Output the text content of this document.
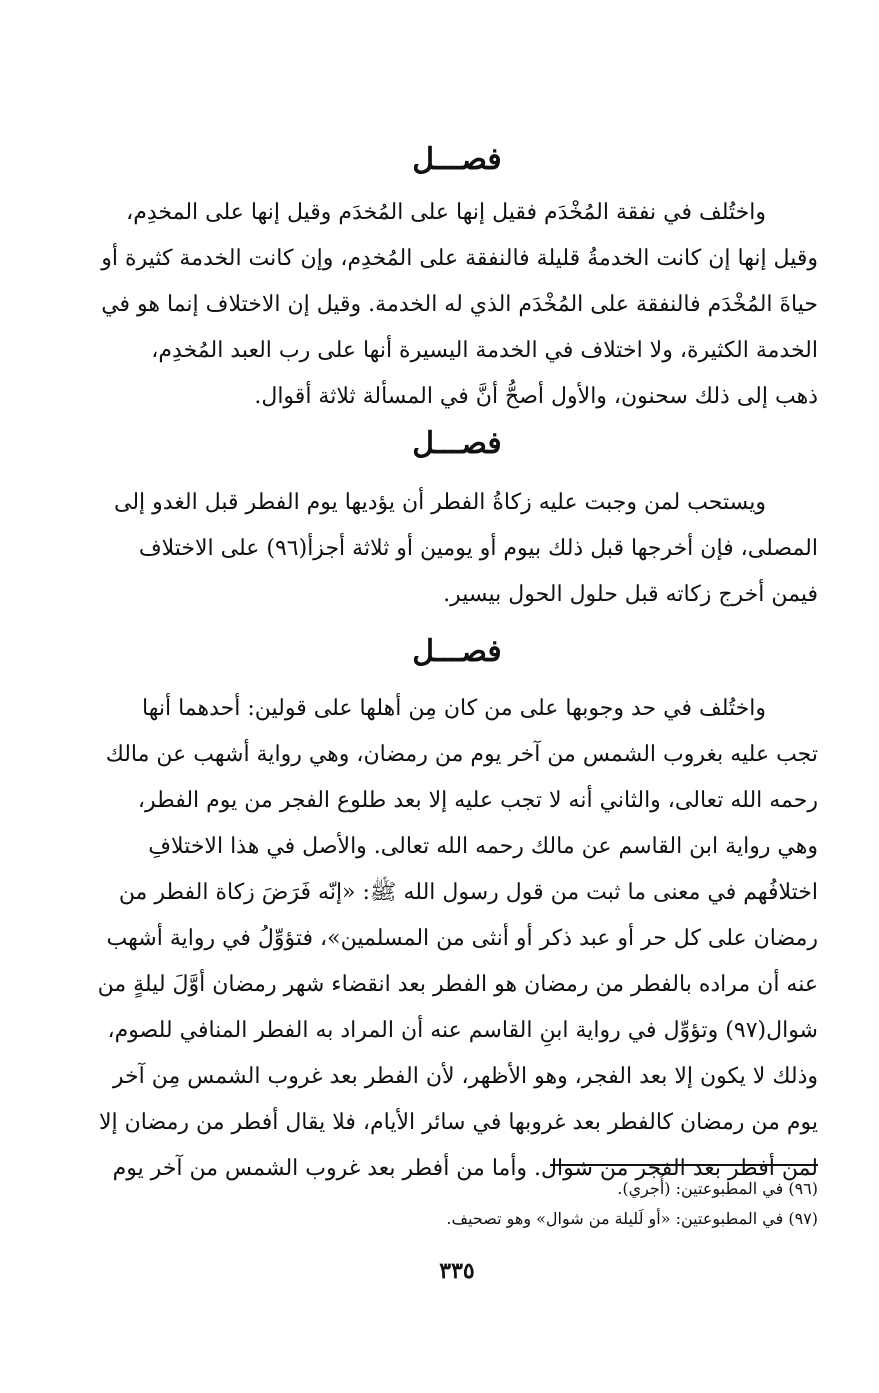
فصـــل

واختُلف في نفقة المُخْدَم فقيل إنها على المُخدَم وقيل إنها على المخدِم،
وقيل إنها إن كانت الخدمةُ قليلة فالنفقة على المُخدِم، وإن كانت الخدمة كثيرة أو
حياةَ المُخْدَم فالنفقة على المُخْدَم الذي له الخدمة. وقيل إن الاختلاف إنما هو في
الخدمة الكثيرة، ولا اختلاف في الخدمة اليسيرة أنها على رب العبد المُخدِم،
ذهب إلى ذلك سحنون، والأول أصحُّ أنَّ في المسألة ثلاثة أقوال.

فصـــل

ويستحب لمن وجبت عليه زكاةُ الفطر أن يؤديها يوم الفطر قبل الغدو إلى
المصلى، فإن أخرجها قبل ذلك بيوم أو يومين أو ثلاثة أجزأ(٩٦) على الاختلاف
فيمن أخرج زكاته قبل حلول الحول بيسير.

فصـــل

واختُلف في حد وجوبها على من كان مِن أهلها على قولين: أحدهما أنها
تجب عليه بغروب الشمس من آخر يوم من رمضان، وهي رواية أشهب عن مالك
رحمه الله تعالى، والثاني أنه لا تجب عليه إلا بعد طلوع الفجر من يوم الفطر،
وهي رواية ابن القاسم عن مالك رحمه الله تعالى. والأصل في هذا الاختلافِ
اختلافُهم في معنى ما ثبت من قول رسول الله ﷺ: «إنّه فَرَضَ زكاة الفطر من
رمضان على كل حر أو عبد ذكر أو أنثى من المسلمين»، فتؤوِّلُ في رواية أشهب
عنه أن مراده بالفطر من رمضان هو الفطر بعد انقضاء شهر رمضان أوَّلَ ليلةٍ من
شوال(٩٧) وتؤوِّل في رواية ابنِ القاسم عنه أن المراد به الفطر المنافي للصوم،
وذلك لا يكون إلا بعد الفجر، وهو الأظهر، لأن الفطر بعد غروب الشمس مِن آخر
يوم من رمضان كالفطر بعد غروبها في سائر الأيام، فلا يقال أفطر من رمضان إلا
لمن أفطر بعد الفجر من شوال. وأما من أفطر بعد غروب الشمس من آخر يوم

(٩٦) في المطبوعتين: (أُجري).
(٩٧) في المطبوعتين: «أو لَليلة من شوال» وهو تصحيف.
٣٣٥
